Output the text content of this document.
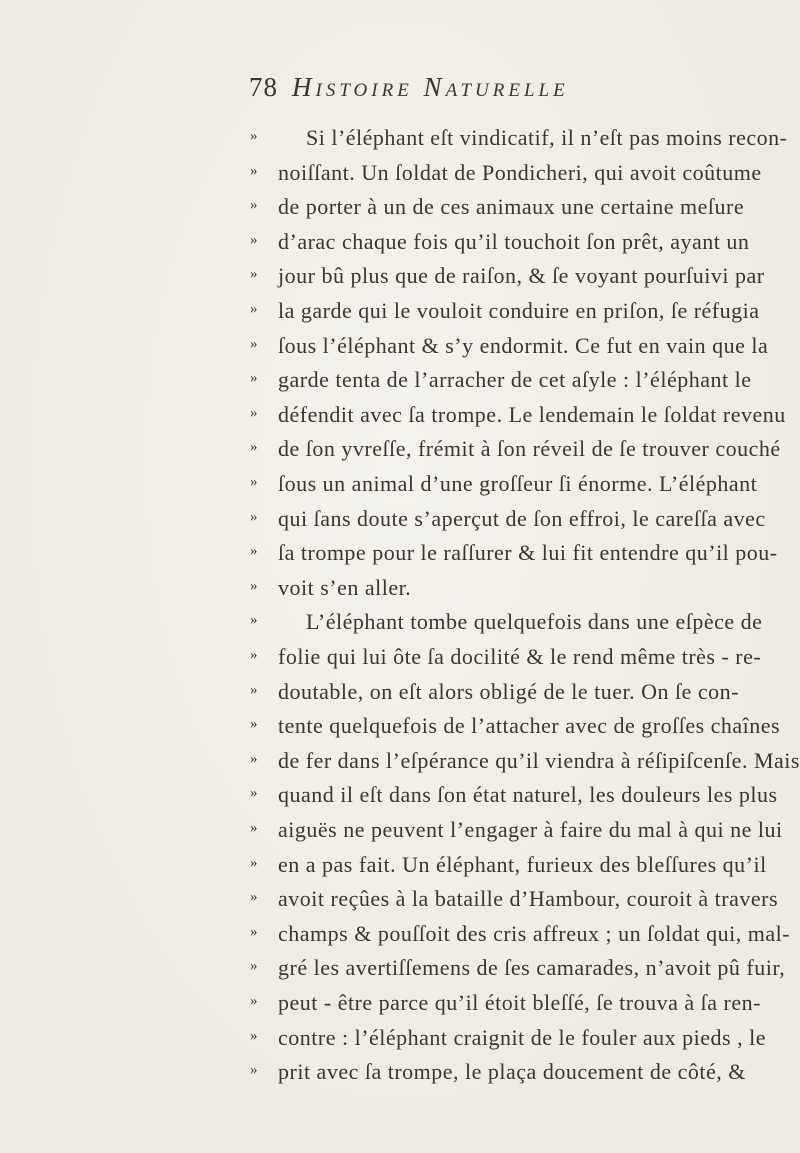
78 Histoire Naturelle
» Si l’éléphant eſt vindicatif, il n’eſt pas moins recon-
» noiſſant. Un ſoldat de Pondicheri, qui avoit coûtume
» de porter à un de ces animaux une certaine meſure
» d’arac chaque fois qu’il touchoit ſon prêt, ayant un
» jour bû plus que de raiſon, & ſe voyant pourſuivi par
» la garde qui le vouloit conduire en priſon, ſe réfugia
» ſous l’éléphant & s’y endormit. Ce fut en vain que la
» garde tenta de l’arracher de cet aſyle : l’éléphant le
» défendit avec ſa trompe. Le lendemain le ſoldat revenu
» de ſon yvreſſe, frémit à ſon réveil de ſe trouver couché
» ſous un animal d’une groſſeur ſi énorme. L’éléphant
» qui ſans doute s’aperçut de ſon effroi, le careſſa avec
» ſa trompe pour le raſſurer & lui fit entendre qu’il pou-
» voit s’en aller.
» L’éléphant tombe quelquefois dans une eſpèce de
» folie qui lui ôte ſa docilité & le rend même très - re-
» doutable, on eſt alors obligé de le tuer. On ſe con-
» tente quelquefois de l’attacher avec de groſſes chaînes
» de fer dans l’eſpérance qu’il viendra à réſipiſcenſe. Mais
» quand il eſt dans ſon état naturel, les douleurs les plus
» aiguës ne peuvent l’engager à faire du mal à qui ne lui
» en a pas fait. Un éléphant, furieux des bleſſures qu’il
» avoit reçûes à la bataille d’Hambour, couroit à travers
» champs & pouſſoit des cris affreux ; un ſoldat qui, mal-
» gré les avertiſſemens de ſes camarades, n’avoit pû fuir,
» peut - être parce qu’il étoit bleſſé, ſe trouva à ſa ren-
» contre : l’éléphant craignit de le fouler aux pieds , le
» prit avec ſa trompe, le plaça doucement de côté, &
